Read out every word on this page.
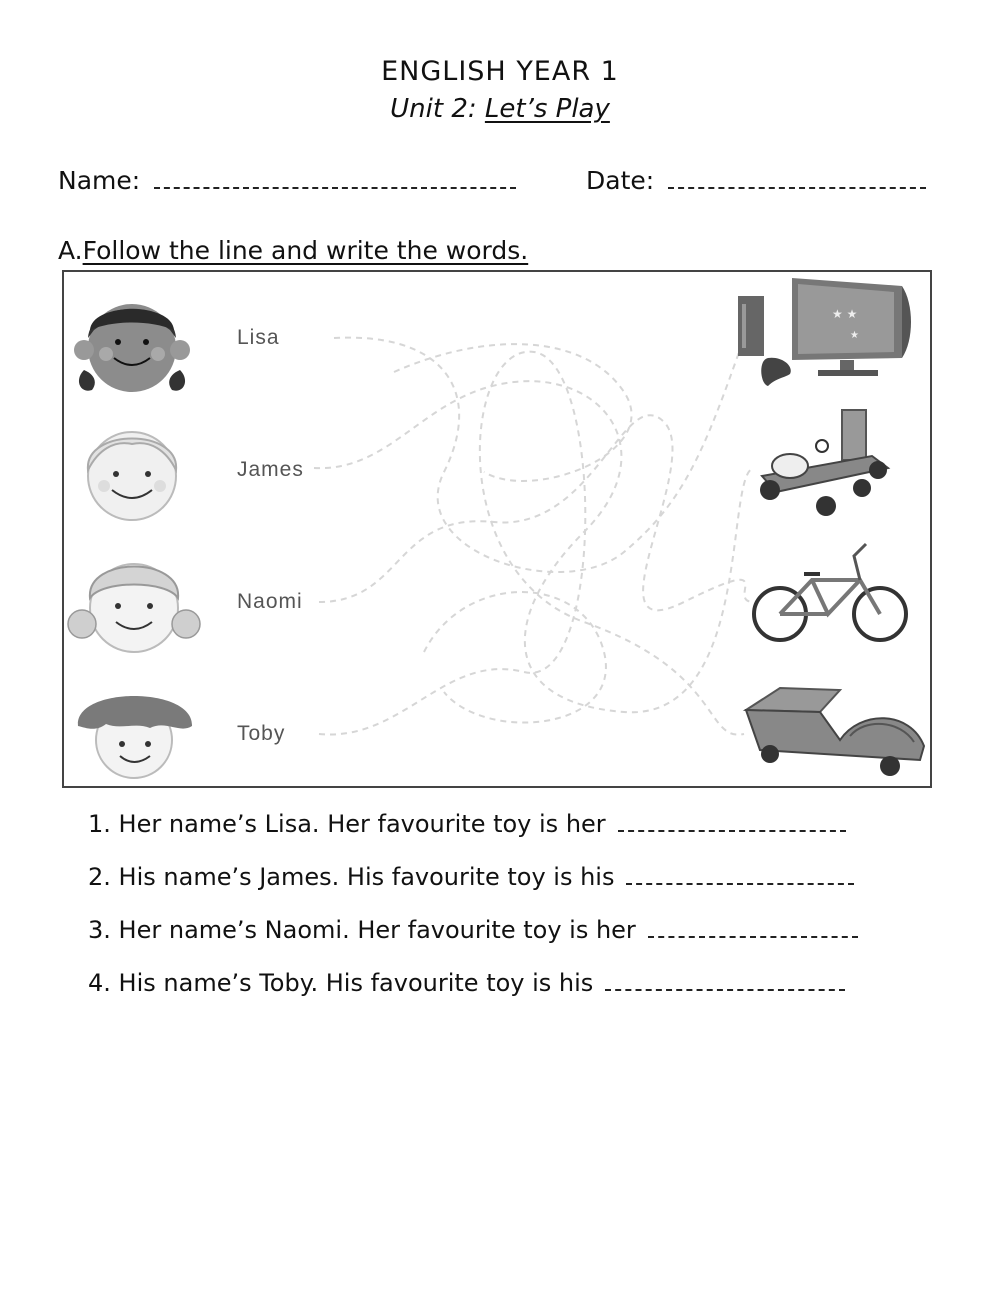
ENGLISH YEAR 1
Unit 2: Let’s Play
Name:	Date:
A.Follow the line and write the words.
Lisa
James
Naomi
Toby
★ ★
★
1. Her name’s Lisa. Her favourite toy is her
2. His name’s James. His favourite toy is his
3. Her name’s Naomi. Her favourite toy is her
4. His name’s Toby. His favourite toy is his
